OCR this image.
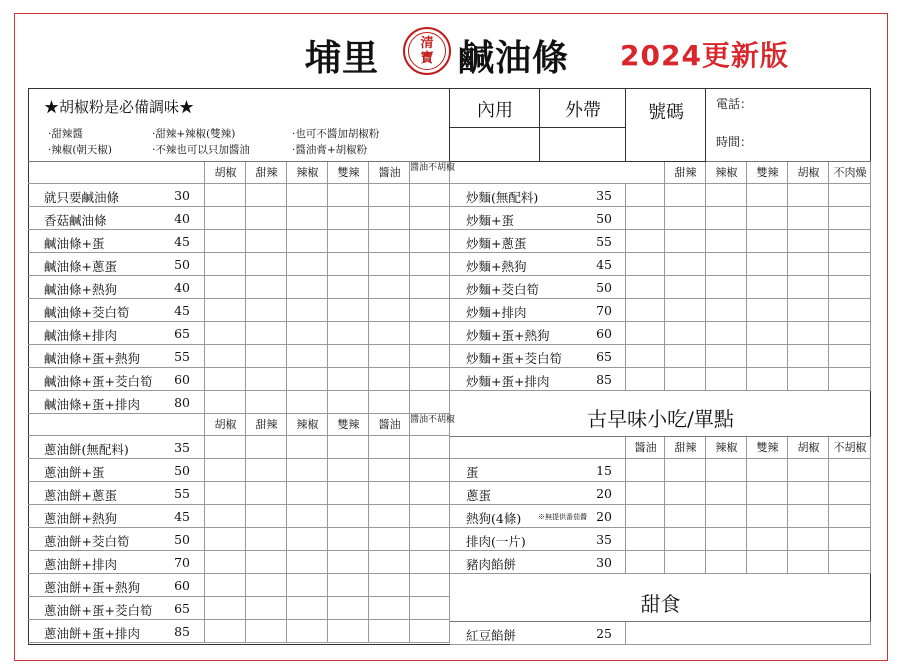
埔里	清
寶 鹹油條 2024更新版
★胡椒粉是必備調味★
·甜辣醬	·甜辣+辣椒(雙辣)	·也可不醬加胡椒粉
·辣椒(朝天椒)	·不辣也可以只加醬油	·醬油膏+胡椒粉
內用	外帶	號碼	電話：
時間：
胡椒	甜辣	辣椒	雙辣	醬油	醬油不胡椒
就只要鹹油條	30
香菇鹹油條	40
鹹油條+蛋	45
鹹油條+蔥蛋	50
鹹油條+熱狗	40
鹹油條+茭白筍	45
鹹油條+排肉	65
鹹油條+蛋+熱狗	55
鹹油條+蛋+茭白筍	60
鹹油條+蛋+排肉	80
胡椒	甜辣	辣椒	雙辣	醬油	醬油不胡椒
蔥油餅(無配料)	35
蔥油餅+蛋	50
蔥油餅+蔥蛋	55
蔥油餅+熱狗	45
蔥油餅+茭白筍	50
蔥油餅+排肉	70
蔥油餅+蛋+熱狗	60
蔥油餅+蛋+茭白筍	65
蔥油餅+蛋+排肉	85
甜辣	辣椒	雙辣	胡椒	不肉燥
炒麵(無配料)	35
炒麵+蛋	50
炒麵+蔥蛋	55
炒麵+熱狗	45
炒麵+茭白筍	50
炒麵+排肉	70
炒麵+蛋+熱狗	60
炒麵+蛋+茭白筍	65
炒麵+蛋+排肉	85
古早味小吃/單點
醬油	甜辣	辣椒	雙辣	胡椒	不胡椒
蛋	15
蔥蛋	20
熱狗(4條)	20
※無提供番茄醬
排肉(一片)	35
豬肉餡餅	30
甜食
紅豆餡餅	25
